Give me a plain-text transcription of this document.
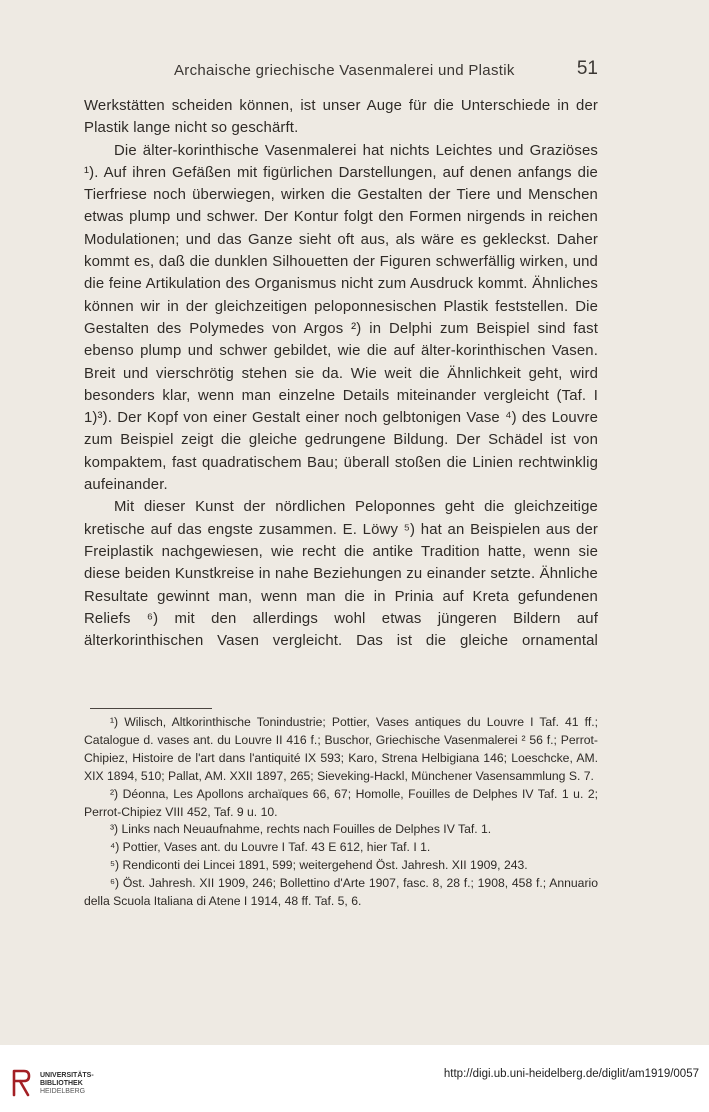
Archaische griechische Vasenmalerei und Plastik	51

Werkstätten scheiden können, ist unser Auge für die Unterschiede in der Plastik lange nicht so geschärft.

Die älter-korinthische Vasenmalerei hat nichts Leichtes und Graziöses ¹). Auf ihren Gefäßen mit figürlichen Darstellungen, auf denen anfangs die Tierfriese noch überwiegen, wirken die Gestalten der Tiere und Menschen etwas plump und schwer. Der Kontur folgt den Formen nirgends in reichen Modulationen; und das Ganze sieht oft aus, als wäre es gekleckst. Daher kommt es, daß die dunklen Silhouetten der Figuren schwerfällig wirken, und die feine Artikulation des Organismus nicht zum Ausdruck kommt. Ähnliches können wir in der gleichzeitigen peloponnesischen Plastik feststellen. Die Gestalten des Polymedes von Argos ²) in Delphi zum Beispiel sind fast ebenso plump und schwer gebildet, wie die auf älter-korinthischen Vasen. Breit und vierschrötig stehen sie da. Wie weit die Ähnlichkeit geht, wird besonders klar, wenn man einzelne Details miteinander vergleicht (Taf. I 1)³). Der Kopf von einer Gestalt einer noch gelbtonigen Vase ⁴) des Louvre zum Beispiel zeigt die gleiche gedrungene Bildung. Der Schädel ist von kompaktem, fast quadratischem Bau; überall stoßen die Linien rechtwinklig aufeinander.

Mit dieser Kunst der nördlichen Peloponnes geht die gleichzeitige kretische auf das engste zusammen. E. Löwy ⁵) hat an Beispielen aus der Freiplastik nachgewiesen, wie recht die antike Tradition hatte, wenn sie diese beiden Kunstkreise in nahe Beziehungen zu einander setzte. Ähnliche Resultate gewinnt man, wenn man die in Prinia auf Kreta gefundenen Reliefs ⁶) mit den allerdings wohl etwas jüngeren Bildern auf älterkorinthischen Vasen vergleicht. Das ist die gleiche ornamental

¹) Wilisch, Altkorinthische Tonindustrie; Pottier, Vases antiques du Louvre I Taf. 41 ff.; Catalogue d. vases ant. du Louvre II 416 f.; Buschor, Griechische Vasenmalerei ² 56 f.; Perrot-Chipiez, Histoire de l'art dans l'antiquité IX 593; Karo, Strena Helbigiana 146; Loeschcke, AM. XIX 1894, 510; Pallat, AM. XXII 1897, 265; Sieveking-Hackl, Münchener Vasensammlung S. 7.

²) Déonna, Les Apollons archaïques 66, 67; Homolle, Fouilles de Delphes IV Taf. 1 u. 2; Perrot-Chipiez VIII 452, Taf. 9 u. 10.

³) Links nach Neuaufnahme, rechts nach Fouilles de Delphes IV Taf. 1.

⁴) Pottier, Vases ant. du Louvre I Taf. 43 E 612, hier Taf. I 1.

⁵) Rendiconti dei Lincei 1891, 599; weitergehend Öst. Jahresh. XII 1909, 243.

⁶) Öst. Jahresh. XII 1909, 246; Bollettino d'Arte 1907, fasc. 8, 28 f.; 1908, 458 f.; Annuario della Scuola Italiana di Atene I 1914, 48 ff. Taf. 5, 6.

UNIVERSITÄTS-
BIBLIOTHEK
HEIDELBERG
http://digi.ub.uni-heidelberg.de/diglit/am1919/0057
